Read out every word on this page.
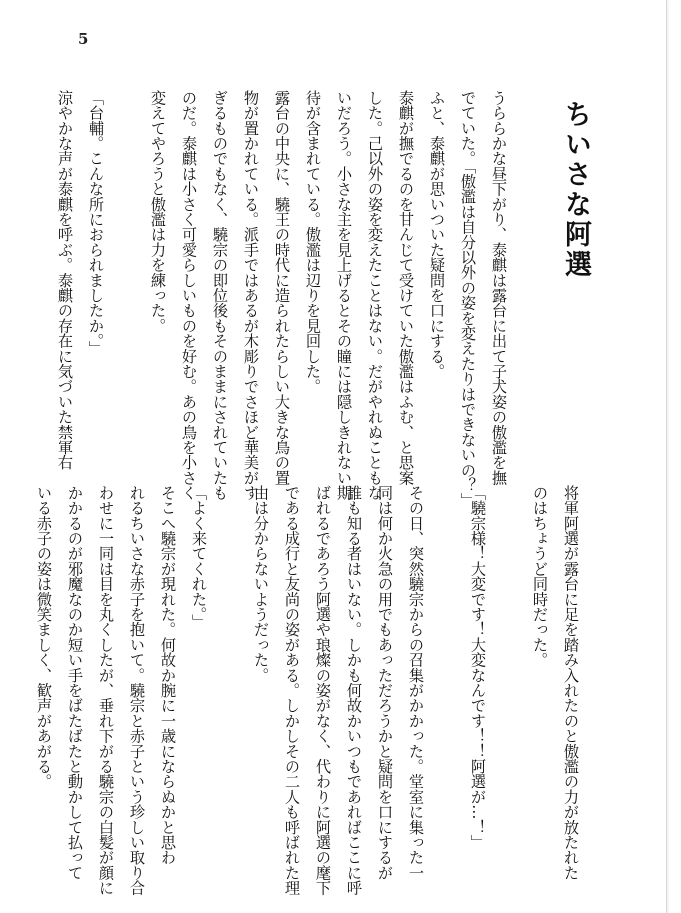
5

ちいさな阿選

うららかな昼下がり、泰麒は露台に出て子犬姿の傲濫を撫

でていた。「傲濫は自分以外の姿を変えたりはできないの？」

ふと、泰麒が思いついた疑問を口にする。

泰麒が撫でるのを甘んじて受けていた傲濫はふむ、と思案

した。己以外の姿を変えたことはない。だがやれぬこともな

いだろう。小さな主を見上げるとその瞳には隠しきれない期

待が含まれている。傲濫は辺りを見回した。

露台の中央に、驍王の時代に造られたらしい大きな鳥の置

物が置かれている。派手ではあるが木彫りでさほど華美がす

ぎるものでもなく、驍宗の即位後もそのままにされていたも

のだ。泰麒は小さく可愛らしいものを好む。あの鳥を小さく

変えてやろうと傲濫は力を練った。

「台輔。こんな所におられましたか。」

涼やかな声が泰麒を呼ぶ。泰麒の存在に気づいた禁軍右

将軍阿選が露台に足を踏み入れたのと傲濫の力が放たれた

のはちょうど同時だった。

「驍宗様！大変です！大変なんです！！阿選が…！」

その日、突然驍宗からの召集がかかった。堂室に集った一

同は何か火急の用でもあっただろうかと疑問を口にするが

誰も知る者はいない。しかも何故かいつもであればここに呼

ばれるであろう阿選や琅燦の姿がなく、代わりに阿選の麾下

である成行と友尚の姿がある。しかしその二人も呼ばれた理

由は分からないようだった。

「よく来てくれた。」

そこへ驍宗が現れた。何故か腕に一歳にならぬかと思わ

れるちいさな赤子を抱いて。驍宗と赤子という珍しい取り合

わせに一同は目を丸くしたが、垂れ下がる驍宗の白髪が顔に

かかるのが邪魔なのか短い手をばたばたと動かして払って

いる赤子の姿は微笑ましく、歓声があがる。
